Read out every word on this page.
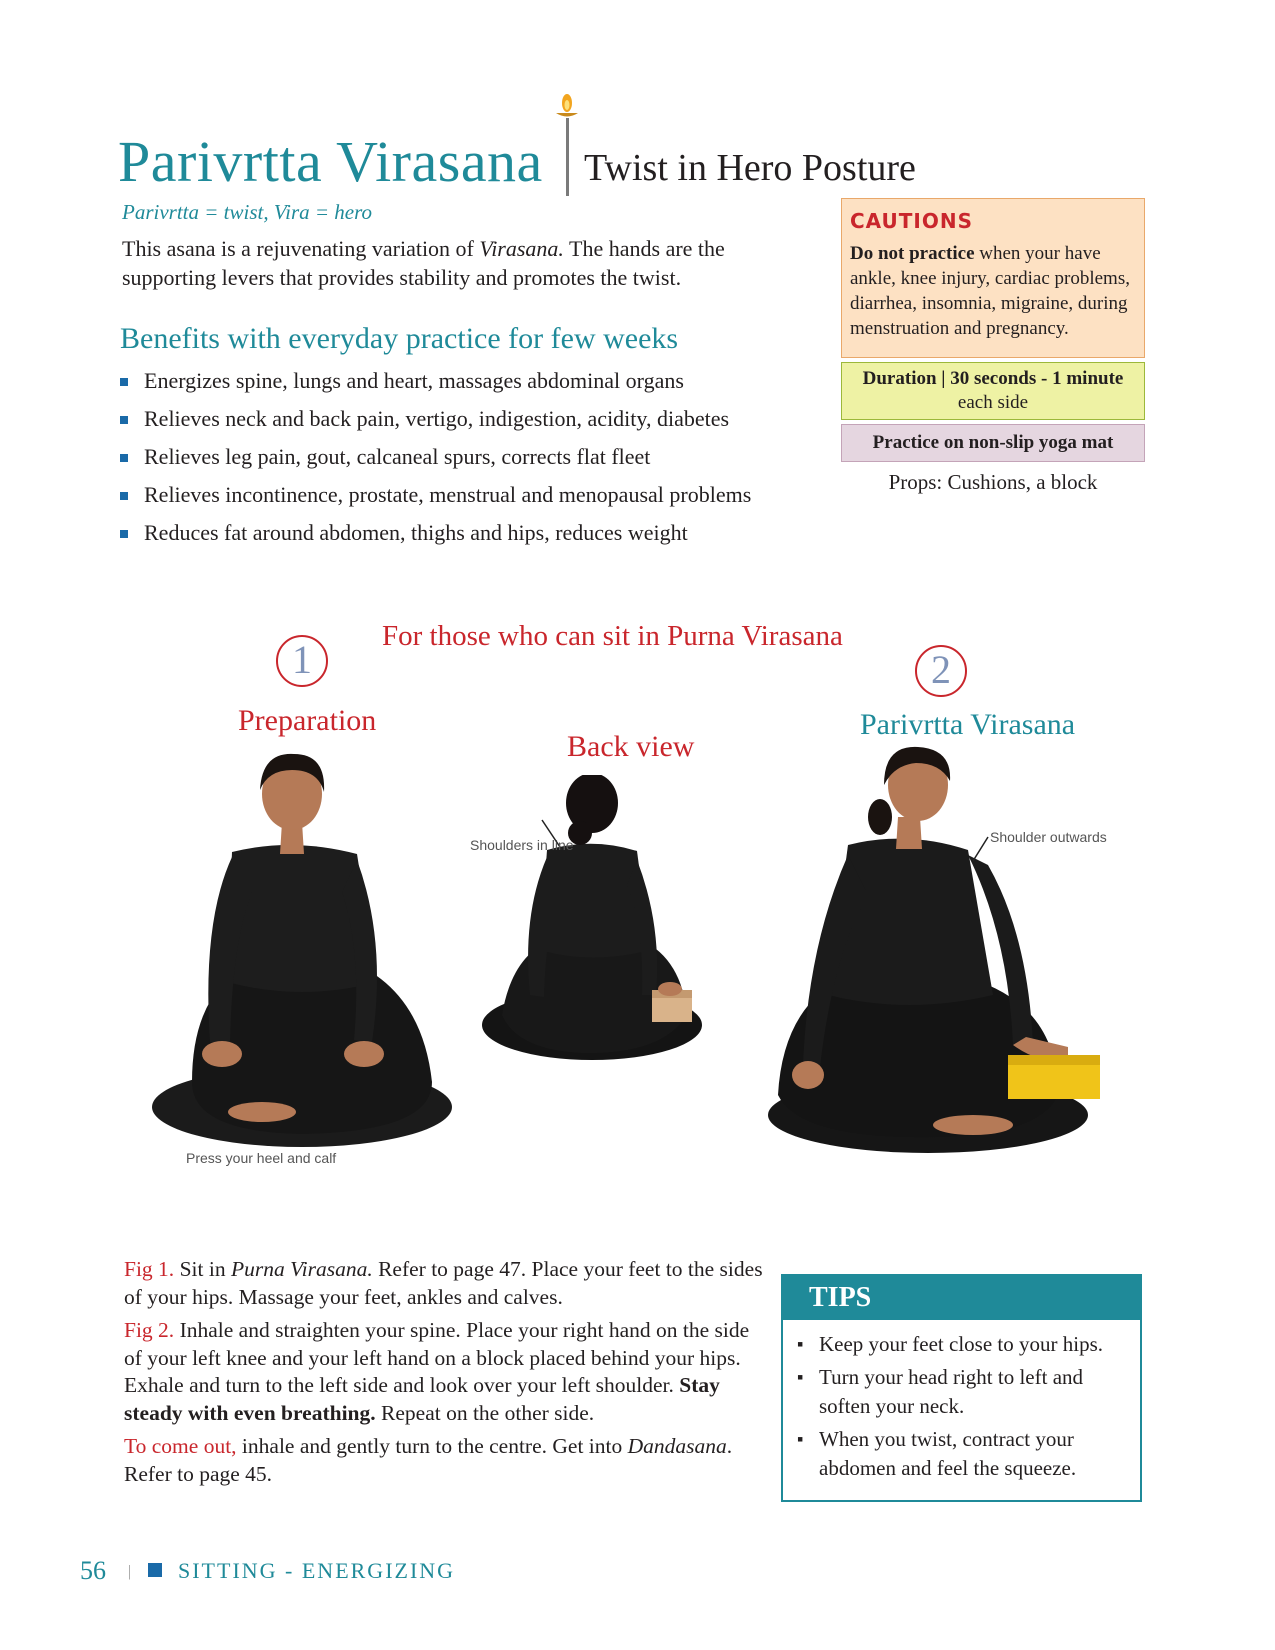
Parivrtta Virasana Twist in Hero Posture
Parivrtta = twist, Vira = hero
This asana is a rejuvenating variation of Virasana. The hands are the supporting levers that provides stability and promotes the twist.
Benefits with everyday practice for few weeks
Energizes spine, lungs and heart, massages abdominal organs
Relieves neck and back pain, vertigo, indigestion, acidity, diabetes
Relieves leg pain, gout, calcaneal spurs, corrects flat fleet
Relieves incontinence, prostate, menstrual and menopausal problems
Reduces fat around abdomen, thighs and hips, reduces weight
CAUTIONS
Do not practice when your have ankle, knee injury, cardiac problems, diarrhea, insomnia, migraine, during menstruation and pregnancy.
Duration | 30 seconds - 1 minute
each side
Practice on non-slip yoga mat
Props: Cushions, a block
For those who can sit in Purna Virasana
1	2
Preparation
Back view
Parivrtta Virasana
Press your heel and calf
Shoulders in line	Shoulder outwards

Fig 1. Sit in Purna Virasana. Refer to page 47. Place your feet to the sides of your hips. Massage your feet, ankles and calves.

Fig 2. Inhale and straighten your spine. Place your right hand on the side of your left knee and your left hand on a block placed behind your hips. Exhale and turn to the left side and look over your left shoulder. Stay steady with even breathing. Repeat on the other side.

To come out, inhale and gently turn to the centre. Get into Dandasana. Refer to page 45.

TIPS
▪ Keep your feet close to your hips.
▪ Turn your head right to left and soften your neck.
▪ When you twist, contract your abdomen and feel the squeeze.
56 | SITTING - ENERGIZING
